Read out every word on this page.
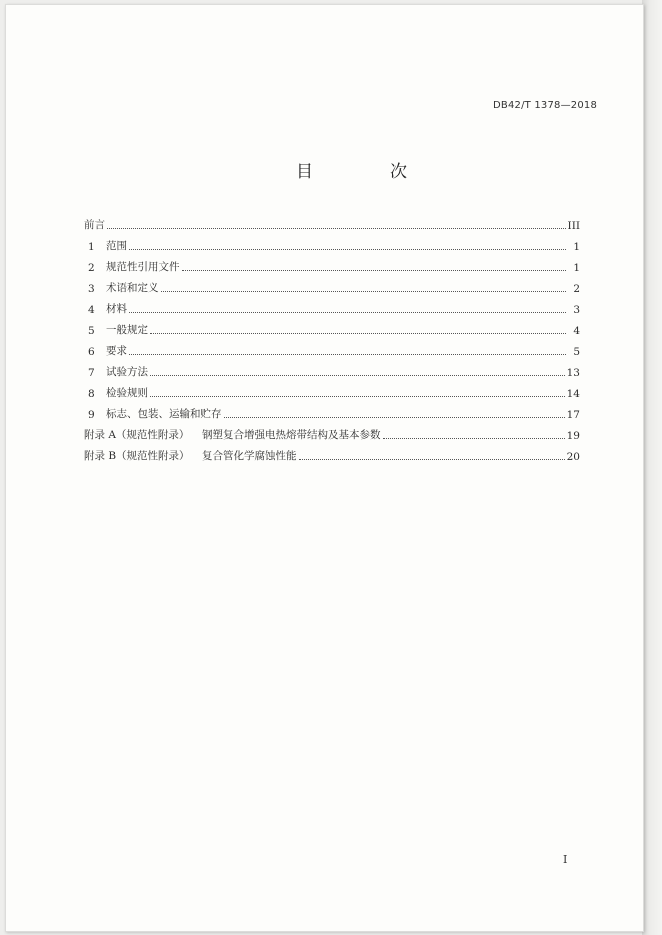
DB42/T 1378—2018
目　次
前言	III
1	范围	1
2	规范性引用文件	1
3	术语和定义	2
4	材料	3
5	一般规定	4
6	要求	5
7	试验方法	13
8	检验规则	14
9	标志、包装、运输和贮存	17
附录 A（规范性附录）	钢塑复合增强电热熔带结构及基本参数	19
附录 B（规范性附录）	复合管化学腐蚀性能	20
I
